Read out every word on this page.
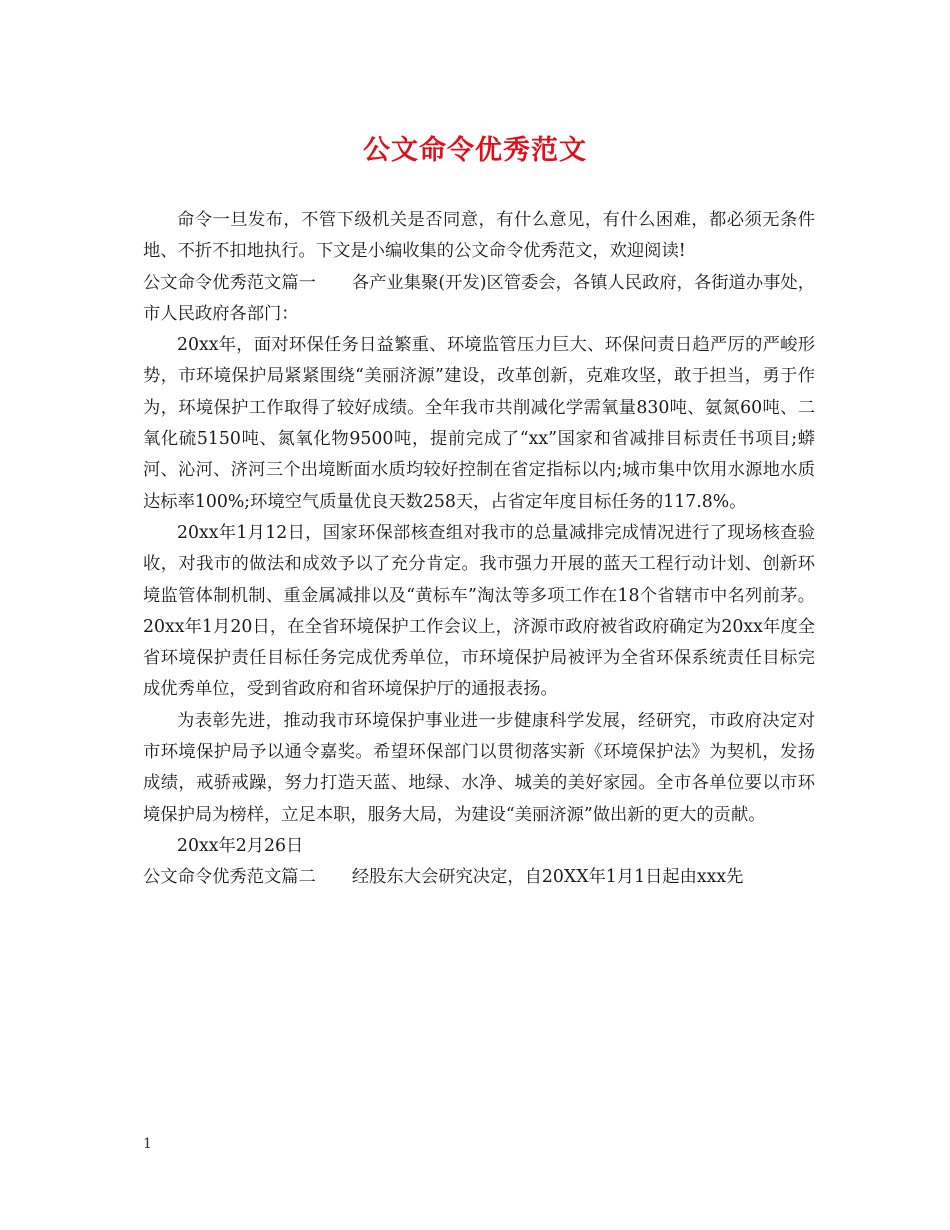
公文命令优秀范文

命令一旦发布，不管下级机关是否同意，有什么意见，有什么困难，都必须无条件地、不折不扣地执行。下文是小编收集的公文命令优秀范文，欢迎阅读!

公文命令优秀范文篇一 各产业集聚(开发)区管委会，各镇人民政府，各街道办事处，市人民政府各部门：

20xx年，面对环保任务日益繁重、环境监管压力巨大、环保问责日趋严厉的严峻形势，市环境保护局紧紧围绕“美丽济源”建设，改革创新，克难攻坚，敢于担当，勇于作为，环境保护工作取得了较好成绩。全年我市共削减化学需氧量830吨、氨氮60吨、二氧化硫5150吨、氮氧化物9500吨，提前完成了“xx”国家和省减排目标责任书项目;蟒河、沁河、济河三个出境断面水质均较好控制在省定指标以内;城市集中饮用水源地水质达标率100%;环境空气质量优良天数258天，占省定年度目标任务的117.8%。

20xx年1月12日，国家环保部核查组对我市的总量减排完成情况进行了现场核查验收，对我市的做法和成效予以了充分肯定。我市强力开展的蓝天工程行动计划、创新环境监管体制机制、重金属减排以及“黄标车”淘汰等多项工作在18个省辖市中名列前茅。20xx年1月20日，在全省环境保护工作会议上，济源市政府被省政府确定为20xx年度全省环境保护责任目标任务完成优秀单位，市环境保护局被评为全省环保系统责任目标完成优秀单位，受到省政府和省环境保护厅的通报表扬。

为表彰先进，推动我市环境保护事业进一步健康科学发展，经研究，市政府决定对市环境保护局予以通令嘉奖。希望环保部门以贯彻落实新《环境保护法》为契机，发扬成绩，戒骄戒躁，努力打造天蓝、地绿、水净、城美的美好家园。全市各单位要以市环境保护局为榜样，立足本职，服务大局，为建设“美丽济源”做出新的更大的贡献。

20xx年2月26日

公文命令优秀范文篇二 经股东大会研究决定，自20XX年1月1日起由xxx先

1
